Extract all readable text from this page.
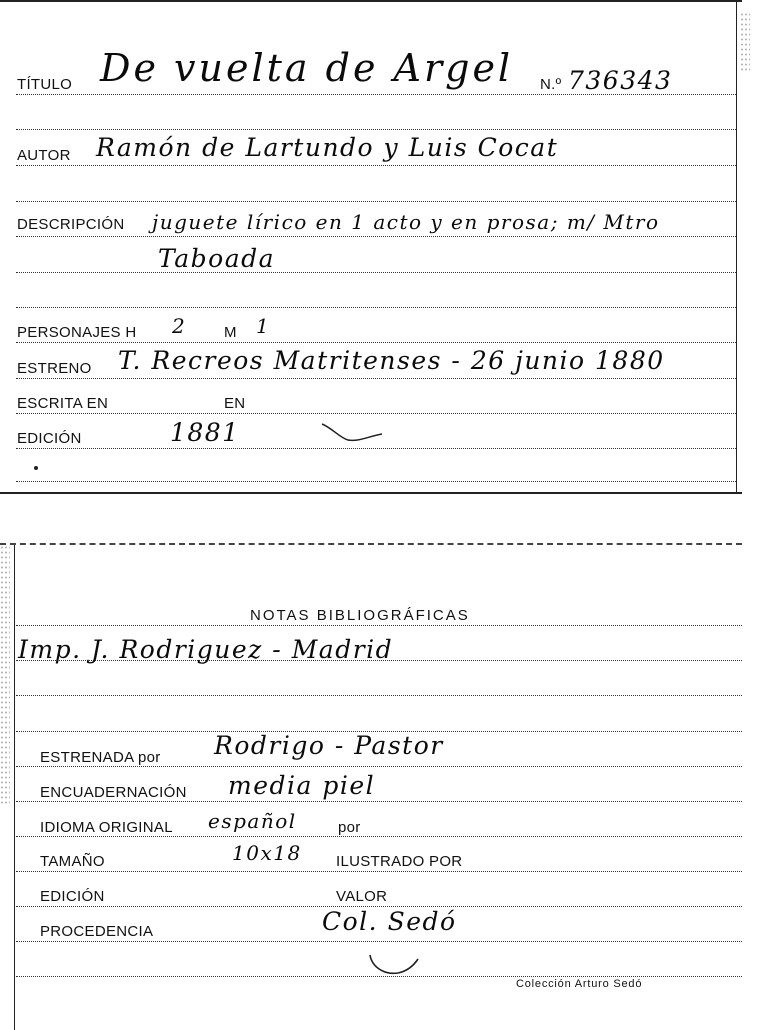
TÍTULO De vuelta de Argel N.º 736343
AUTOR Ramón de Lartundo y Luis Cocat
DESCRIPCIÓN juguete lírico en 1 acto y en prosa; m/ Mtro
Taboada
PERSONAJES H 2	M 1
ESTRENO T. Recreos Matritenses - 26 junio 1880
ESCRITA EN	EN
EDICIÓN	1881
NOTAS BIBLIOGRÁFICAS
Imp. J. Rodriguez - Madrid
ESTRENADA por Rodrigo - Pastor
ENCUADERNACIÓN media piel
IDIOMA ORIGINAL español	por
TAMAÑO	10x18 ILUSTRADO POR
EDICIÓN	VALOR
PROCEDENCIA	Col. Sedó
Colección Arturo Sedó
